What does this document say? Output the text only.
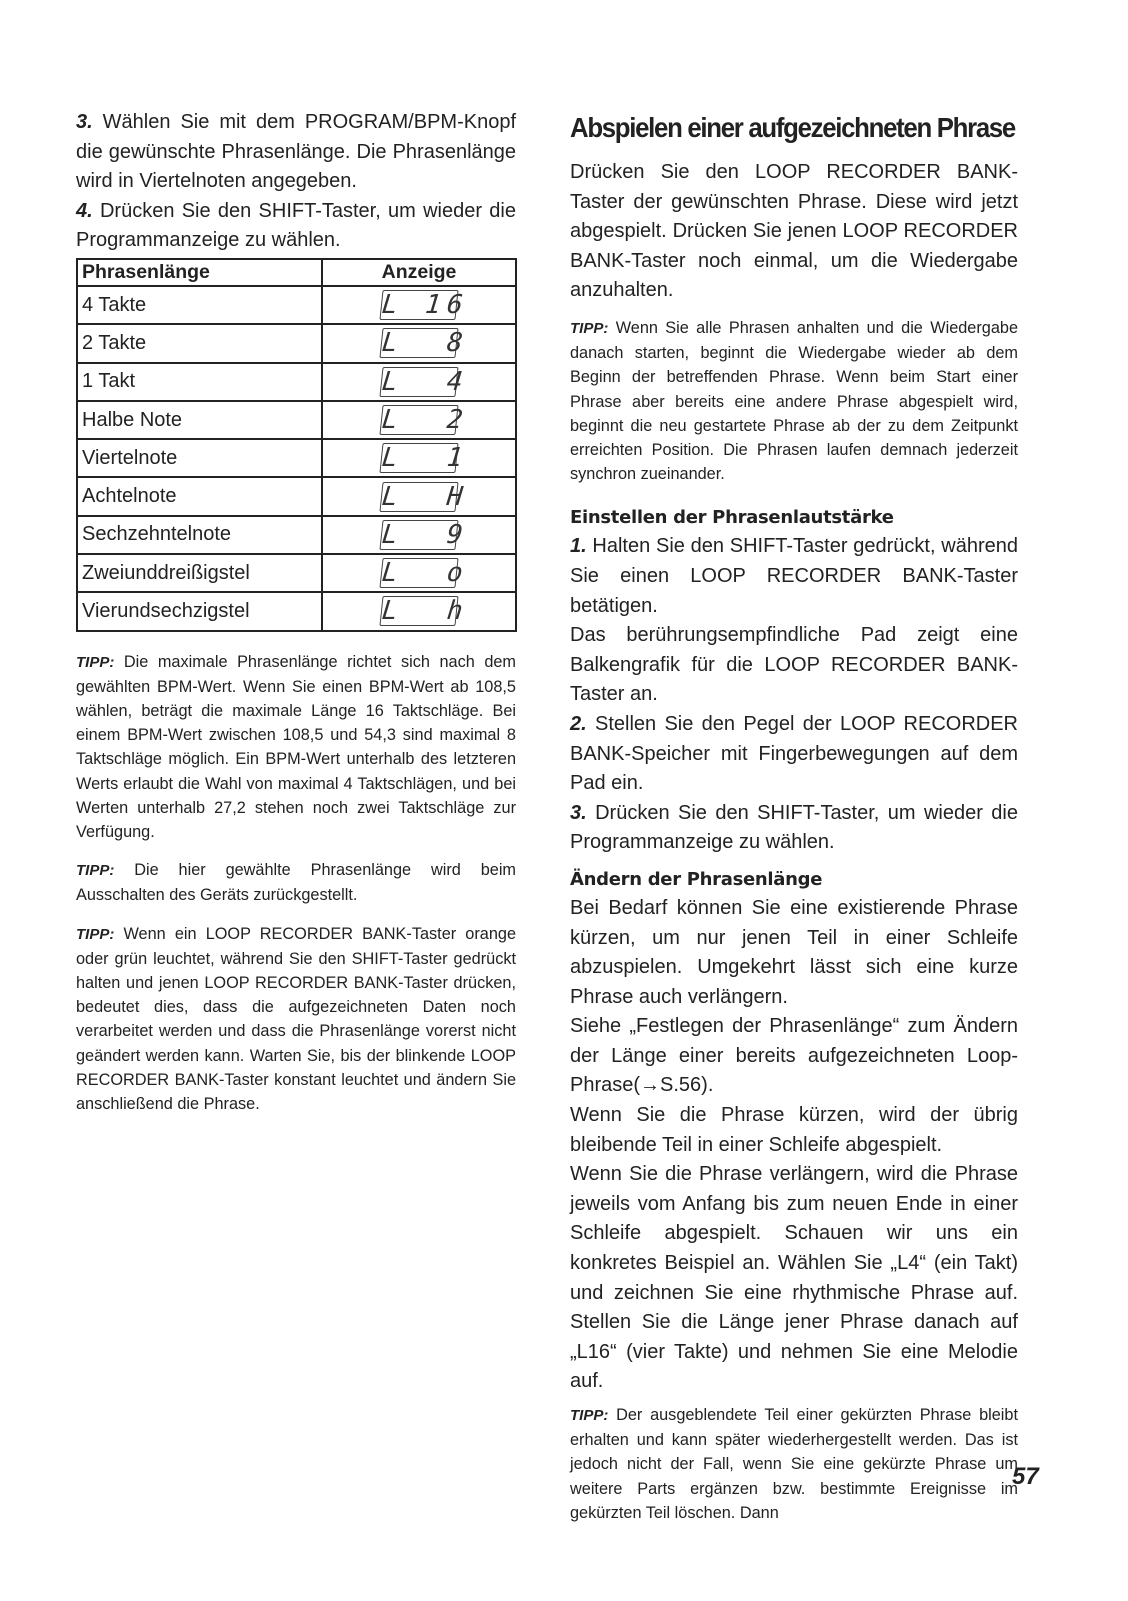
3. Wählen Sie mit dem PROGRAM/BPM-Knopf die gewünschte Phrasenlänge. Die Phrasenlänge wird in Viertelnoten angegeben.

4. Drücken Sie den SHIFT-Taster, um wieder die Programmanzeige zu wählen.

Phrasenlänge	Anzeige
4 Takte	L 16
2 Takte	L  8
1 Takt	L  4
Halbe Note	L  2
Viertelnote	L  1
Achtelnote	L  H
Sechzehntelnote	L  9
Zweiunddreißigstel	L  o
Vierundsechzigstel	L  h

TIPP: Die maximale Phrasenlänge richtet sich nach dem gewählten BPM-Wert. Wenn Sie einen BPM-Wert ab 108,5 wählen, beträgt die maximale Länge 16 Taktschläge. Bei einem BPM-Wert zwischen 108,5 und 54,3 sind maximal 8 Taktschläge möglich. Ein BPM-Wert unterhalb des letzteren Werts erlaubt die Wahl von maximal 4 Taktschlägen, und bei Werten unterhalb 27,2 stehen noch zwei Taktschläge zur Verfügung.

TIPP: Die hier gewählte Phrasenlänge wird beim Ausschalten des Geräts zurückgestellt.

TIPP: Wenn ein LOOP RECORDER BANK-Taster orange oder grün leuchtet, während Sie den SHIFT-Taster gedrückt halten und jenen LOOP RECORDER BANK-Taster drücken, bedeutet dies, dass die aufgezeichneten Daten noch verarbeitet werden und dass die Phrasenlänge vorerst nicht geändert werden kann. Warten Sie, bis der blinkende LOOP RECORDER BANK-Taster konstant leuchtet und ändern Sie anschließend die Phrase.

Abspielen einer aufgezeichneten Phrase

Drücken Sie den LOOP RECORDER BANK-Taster der gewünschten Phrase. Diese wird jetzt abgespielt. Drücken Sie jenen LOOP RECORDER BANK-Taster noch einmal, um die Wiedergabe anzuhalten.

TIPP: Wenn Sie alle Phrasen anhalten und die Wiedergabe danach starten, beginnt die Wiedergabe wieder ab dem Beginn der betreffenden Phrase. Wenn beim Start einer Phrase aber bereits eine andere Phrase abgespielt wird, beginnt die neu gestartete Phrase ab der zu dem Zeitpunkt erreichten Position. Die Phrasen laufen demnach jederzeit synchron zueinander.

Einstellen der Phrasenlautstärke

1. Halten Sie den SHIFT-Taster gedrückt, während Sie einen LOOP RECORDER BANK-Taster betätigen.

Das berührungsempfindliche Pad zeigt eine Balkengrafik für die LOOP RECORDER BANK-Taster an.

2. Stellen Sie den Pegel der LOOP RECORDER BANK-Speicher mit Fingerbewegungen auf dem Pad ein.

3. Drücken Sie den SHIFT-Taster, um wieder die Programmanzeige zu wählen.

Ändern der Phrasenlänge

Bei Bedarf können Sie eine existierende Phrase kürzen, um nur jenen Teil in einer Schleife abzuspielen. Umgekehrt lässt sich eine kurze Phrase auch verlängern.

Siehe „Festlegen der Phrasenlänge“ zum Ändern der Länge einer bereits aufgezeichneten Loop-Phrase(→S.56).

Wenn Sie die Phrase kürzen, wird der übrig bleibende Teil in einer Schleife abgespielt.

Wenn Sie die Phrase verlängern, wird die Phrase jeweils vom Anfang bis zum neuen Ende in einer Schleife abgespielt. Schauen wir uns ein konkretes Beispiel an. Wählen Sie „L4“ (ein Takt) und zeichnen Sie eine rhythmische Phrase auf. Stellen Sie die Länge jener Phrase danach auf „L16“ (vier Takte) und nehmen Sie eine Melodie auf.

TIPP: Der ausgeblendete Teil einer gekürzten Phrase bleibt erhalten und kann später wiederhergestellt werden. Das ist jedoch nicht der Fall, wenn Sie eine gekürzte Phrase um weitere Parts ergänzen bzw. bestimmte Ereignisse im gekürzten Teil löschen. Dann

57
